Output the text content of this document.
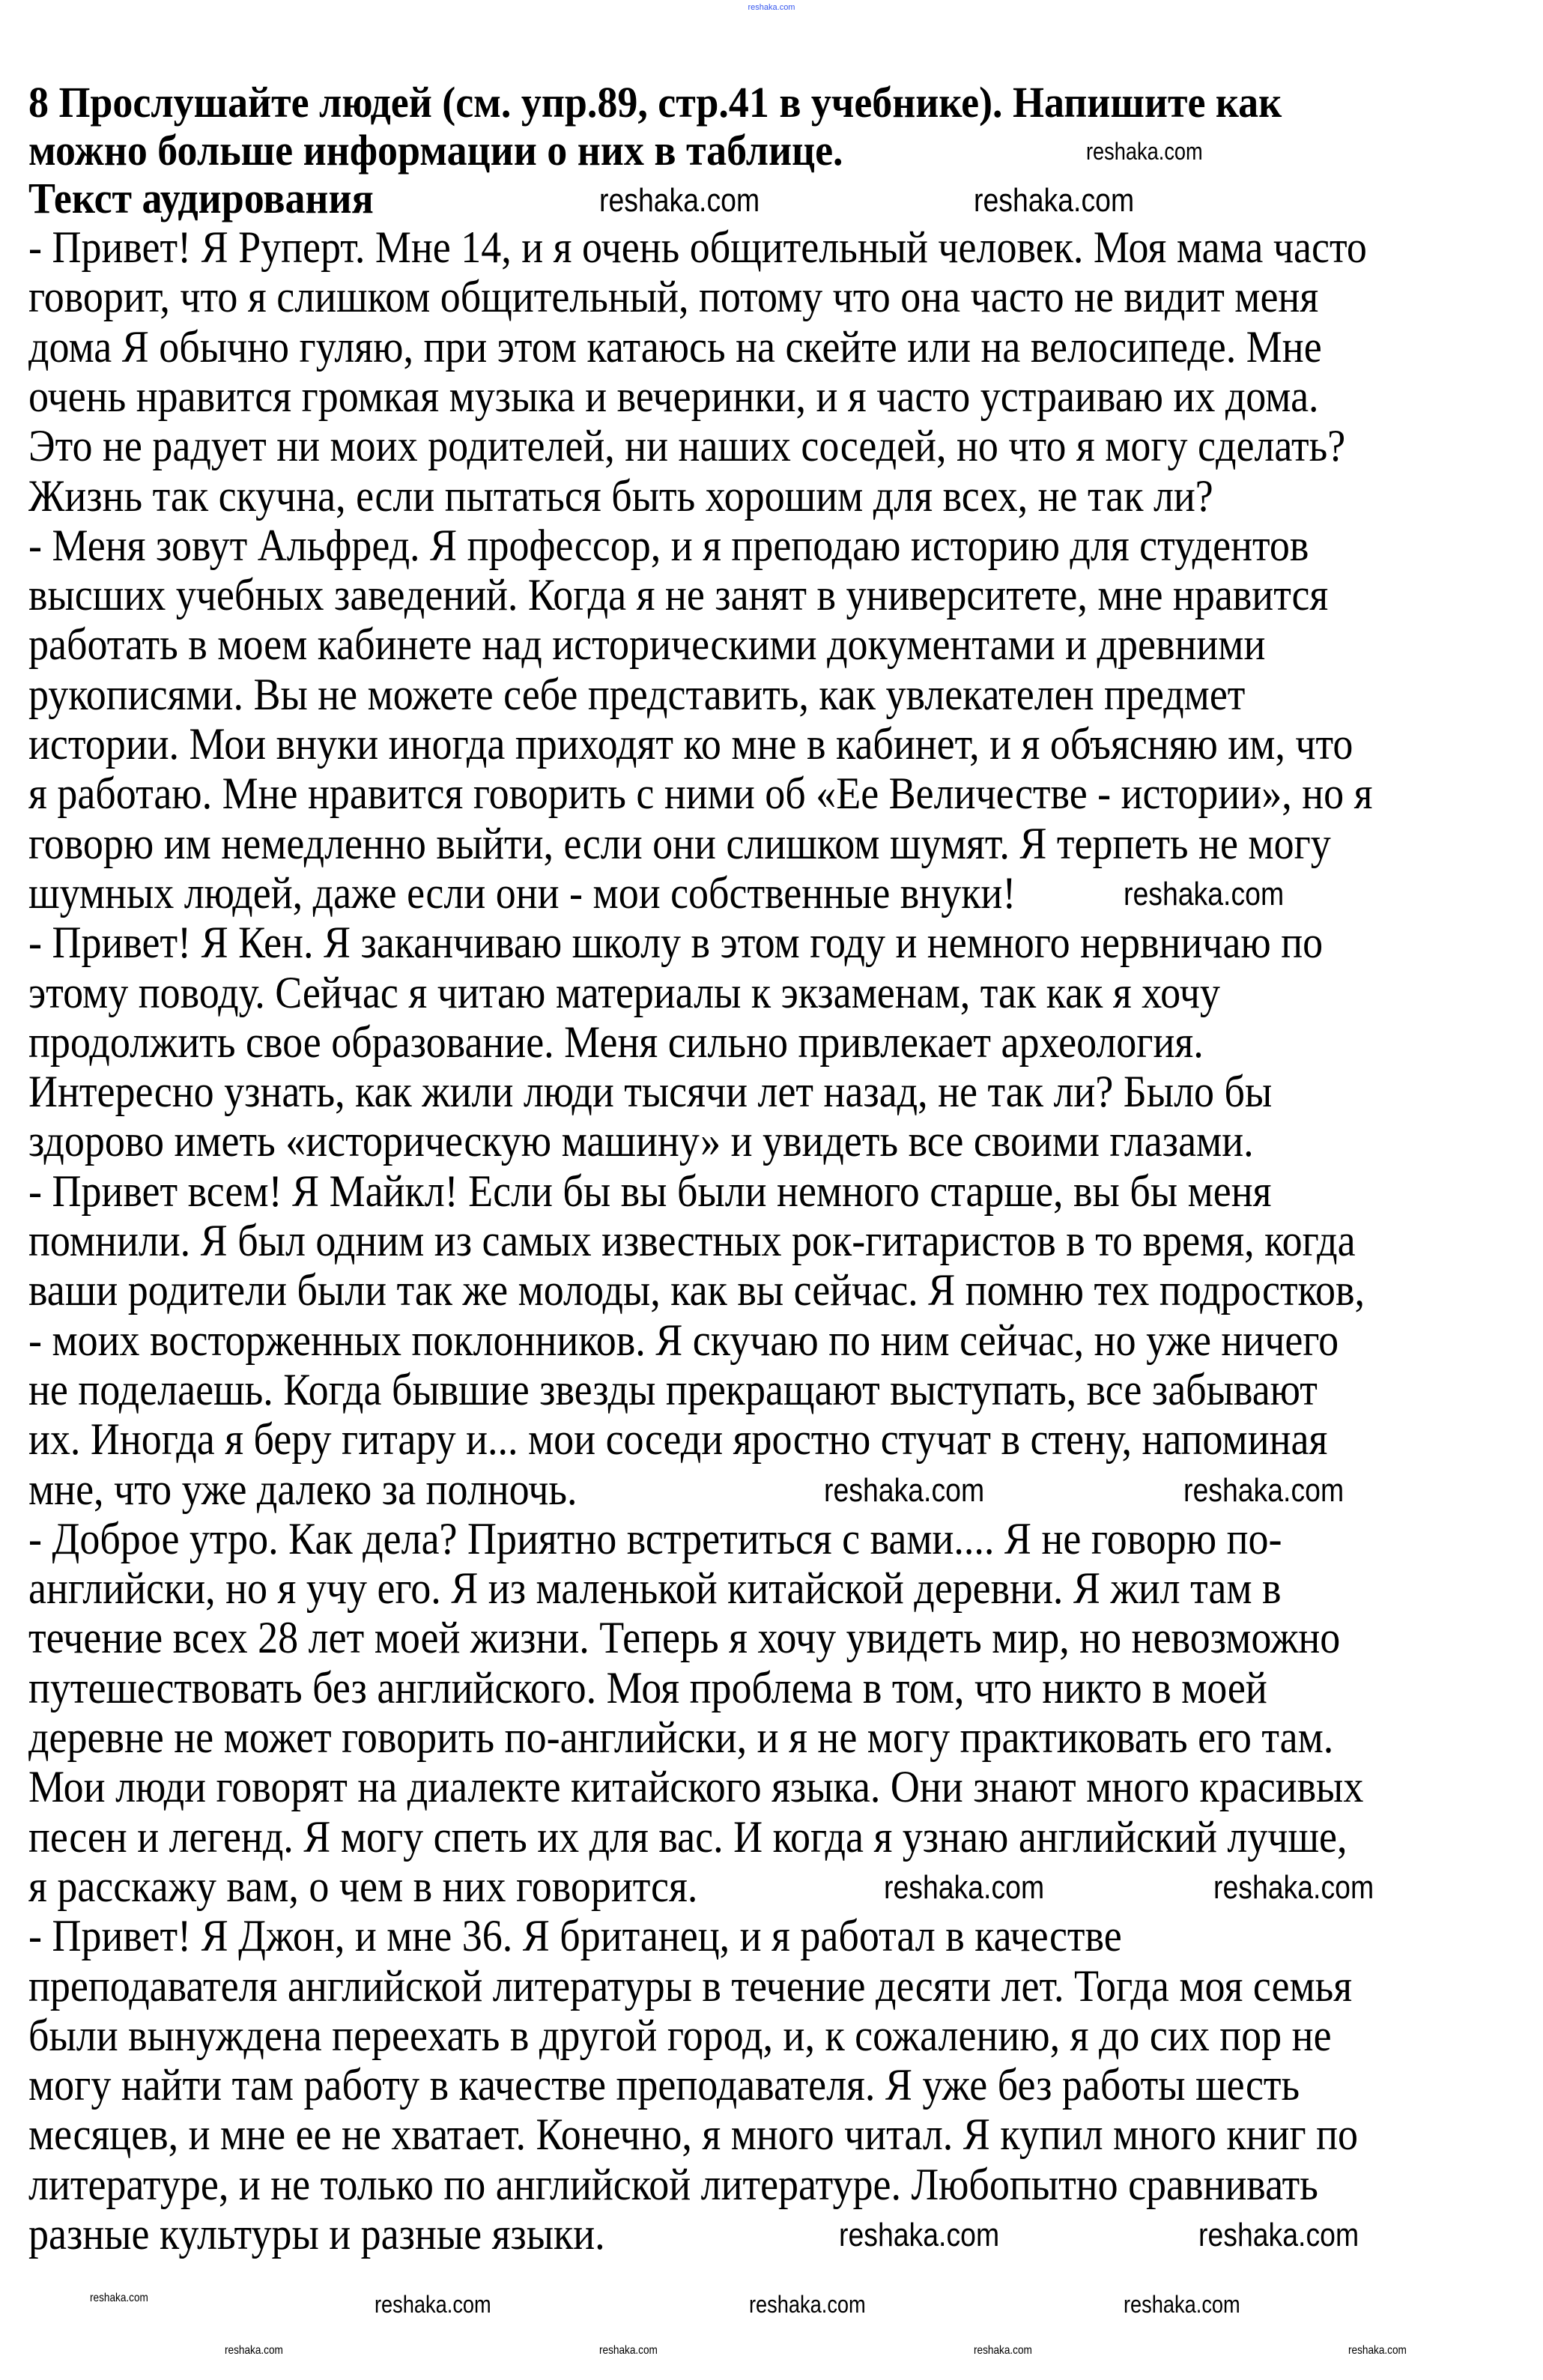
reshaka.com
8 Прослушайте людей (см. упр.89, стр.41 в учебнике). Напишите как
можно больше информации о них в таблице.
Текст аудирования
- Привет! Я Руперт. Мне 14, и я очень общительный человек. Моя мама часто
говорит, что я слишком общительный, потому что она часто не видит меня
дома Я обычно гуляю, при этом катаюсь на скейте или на велосипеде. Мне
очень нравится громкая музыка и вечеринки, и я часто устраиваю их дома.
Это не радует ни моих родителей, ни наших соседей, но что я могу сделать?
Жизнь так скучна, если пытаться быть хорошим для всех, не так ли?
- Меня зовут Альфред. Я профессор, и я преподаю историю для студентов
высших учебных заведений. Когда я не занят в университете, мне нравится
работать в моем кабинете над историческими документами и древними
рукописями. Вы не можете себе представить, как увлекателен предмет
истории. Мои внуки иногда приходят ко мне в кабинет, и я объясняю им, что
я работаю. Мне нравится говорить с ними об «Ее Величестве - истории», но я
говорю им немедленно выйти, если они слишком шумят. Я терпеть не могу
шумных людей, даже если они - мои собственные внуки!
- Привет! Я Кен. Я заканчиваю школу в этом году и немного нервничаю по
этому поводу. Сейчас я читаю материалы к экзаменам, так как я хочу
продолжить свое образование. Меня сильно привлекает археология.
Интересно узнать, как жили люди тысячи лет назад, не так ли? Было бы
здорово иметь «историческую машину» и увидеть все своими глазами.
- Привет всем! Я Майкл! Если бы вы были немного старше, вы бы меня
помнили. Я был одним из самых известных рок-гитаристов в то время, когда
ваши родители были так же молоды, как вы сейчас. Я помню тех подростков,
- моих восторженных поклонников. Я скучаю по ним сейчас, но уже ничего
не поделаешь. Когда бывшие звезды прекращают выступать, все забывают
их. Иногда я беру гитару и... мои соседи яростно стучат в стену, напоминая
мне, что уже далеко за полночь.
- Доброе утро. Как дела? Приятно встретиться с вами.... Я не говорю по-
английски, но я учу его. Я из маленькой китайской деревни. Я жил там в
течение всех 28 лет моей жизни. Теперь я хочу увидеть мир, но невозможно
путешествовать без английского. Моя проблема в том, что никто в моей
деревне не может говорить по-английски, и я не могу практиковать его там.
Мои люди говорят на диалекте китайского языка. Они знают много красивых
песен и легенд. Я могу спеть их для вас. И когда я узнаю английский лучше,
я расскажу вам, о чем в них говорится.
- Привет! Я Джон, и мне 36. Я британец, и я работал в качестве
преподавателя английской литературы в течение десяти лет. Тогда моя семья
были вынуждена переехать в другой город, и, к сожалению, я до сих пор не
могу найти там работу в качестве преподавателя. Я уже без работы шесть
месяцев, и мне ее не хватает. Конечно, я много читал. Я купил много книг по
литературе, и не только по английской литературе. Любопытно сравнивать
разные культуры и разные языки.
reshaka.com
reshaka.com	reshaka.com
reshaka.com
reshaka.com	reshaka.com
reshaka.com	reshaka.com
reshaka.com	reshaka.com
reshaka.com	reshaka.com	reshaka.com	reshaka.com
reshaka.com	reshaka.com	reshaka.com	reshaka.com
